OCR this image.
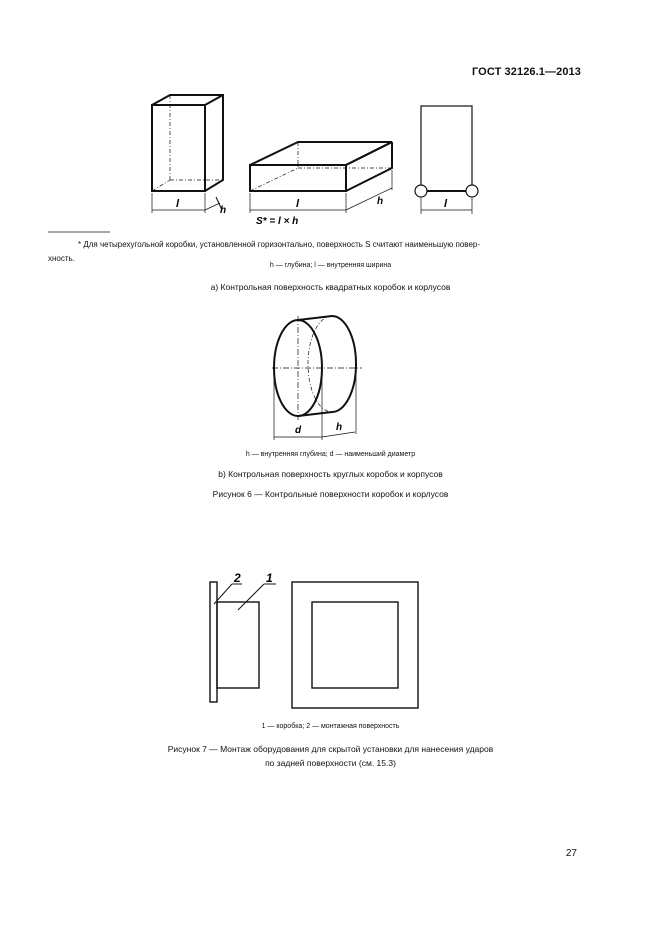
ГОСТ 32126.1—2013
l
h
l	h
S* = l × h
l
* Для четырехугольной коробки, установленной горизонтально, поверхность S считают наименьшую повер-
хность.
h — глубина; l — внутренняя ширина
a) Контрольная поверхность квадратных коробок и корлусов
d	h
h — внутренняя глубина; d — наименьший диаметр
b) Контрольная поверхность круглых коробок и корпусов
Рисунок 6 — Контрольные поверхности коробок и корлусов
2 1
1 — коробка; 2 — монтажная поверхность
Рисунок 7 — Монтаж оборудования для скрытой установки для нанесения ударов
по задней поверхности (см. 15.3)
27
